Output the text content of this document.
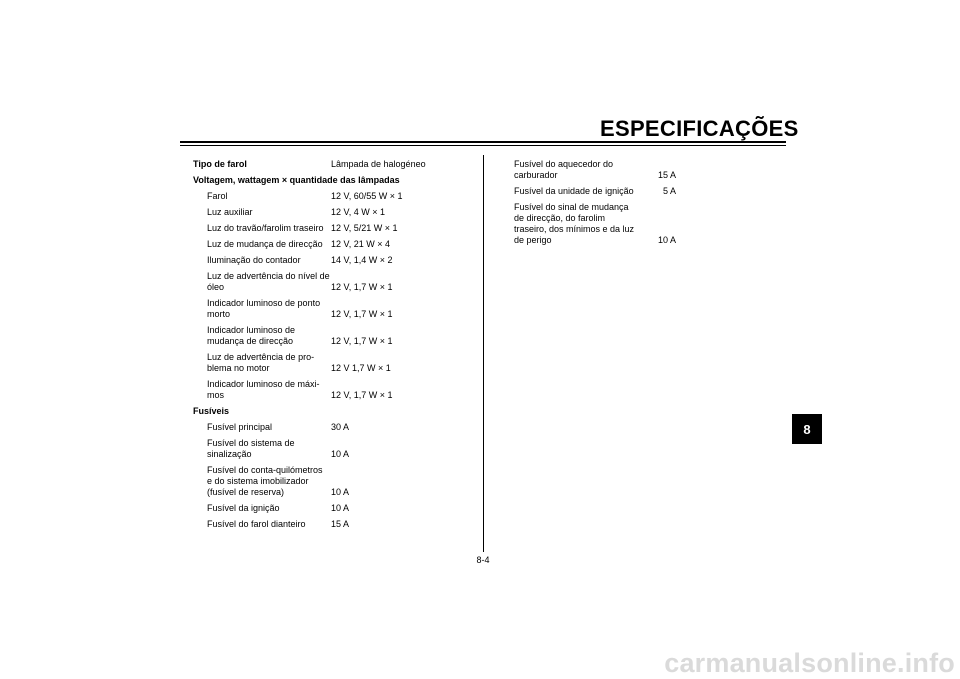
ESPECIFICAÇÕES
Tipo de farol	Lâmpada de halogéneo
Voltagem, wattagem × quantidade das lâmpadas
Farol	12 V, 60/55 W × 1
Luz auxiliar	12 V, 4 W × 1
Luz do travão/farolim traseiro 12 V, 5/21 W × 1
Luz de mudança de direcção 12 V, 21 W × 4
Iluminação do contador	14 V, 1,4 W × 2
Luz de advertência do nível de
óleo	12 V, 1,7 W × 1
Indicador luminoso de ponto
morto	12 V, 1,7 W × 1
Indicador luminoso de
mudança de direcção	12 V, 1,7 W × 1
Luz de advertência de pro-
blema no motor	12 V 1,7 W × 1
Indicador luminoso de máxi-
mos	12 V, 1,7 W × 1
Fusíveis
Fusível principal	30 A
Fusível do sistema de
sinalização	10 A
Fusível do conta-quilómetros
e do sistema imobilizador
(fusível de reserva)	10 A
Fusível da ignição	10 A
Fusível do farol dianteiro	15 A
Fusível do aquecedor do
carburador	15 A
Fusível da unidade de ignição	5 A
Fusível do sinal de mudança
de direcção, do farolim
traseiro, dos mínimos e da luz
de perigo	10 A
8
8-4
carmanualsonline.info
